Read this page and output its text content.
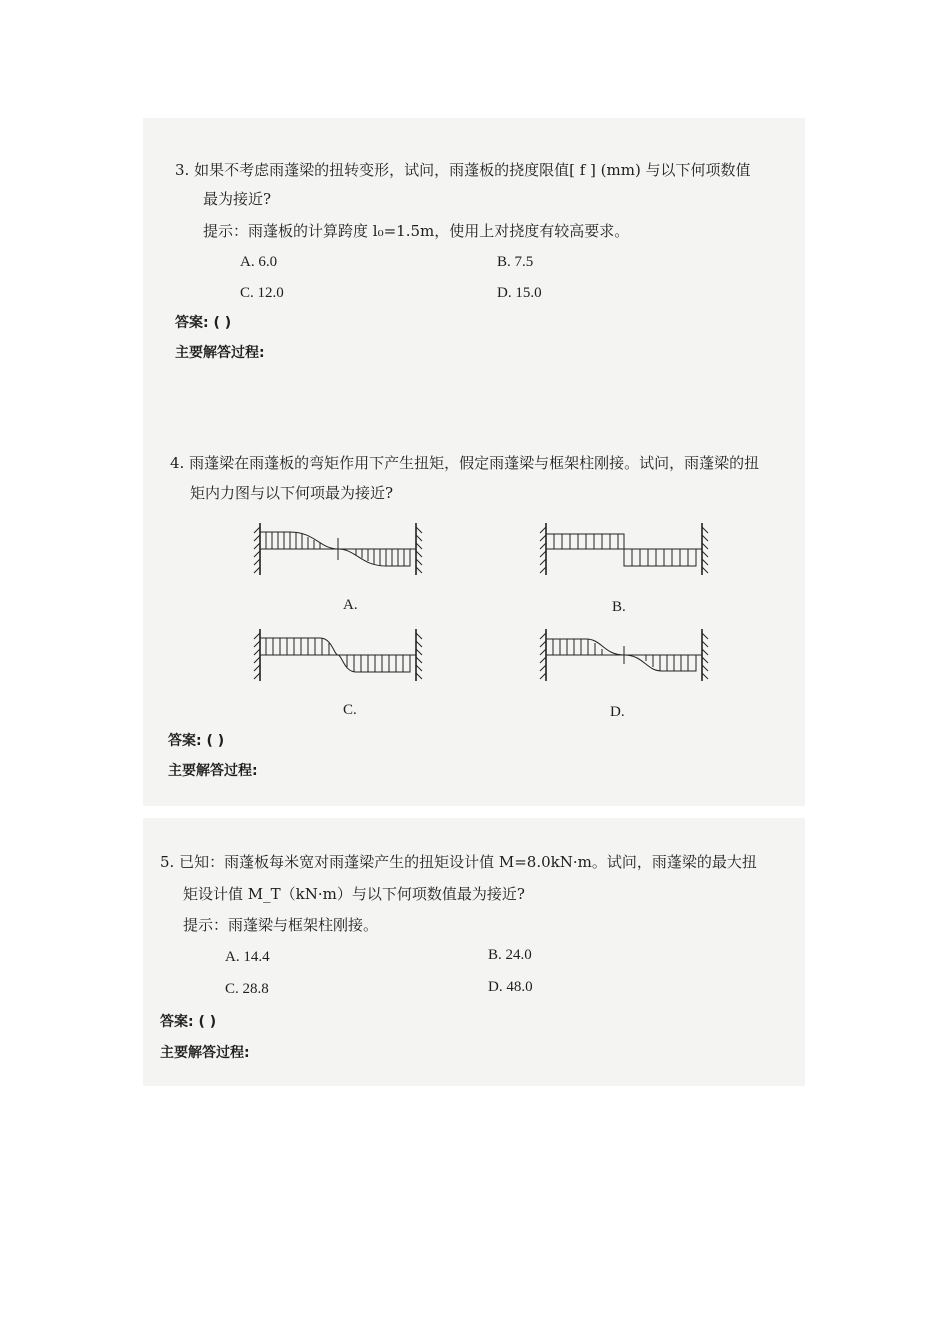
3. 如果不考虑雨蓬梁的扭转变形，试问，雨蓬板的挠度限值[ f ] (mm) 与以下何项数值
最为接近?
提示：雨蓬板的计算跨度 l₀=1.5m，使用上对挠度有较高要求。
A. 6.0	B. 7.5
C. 12.0	D. 15.0
答案: ( )
主要解答过程:
4. 雨蓬梁在雨蓬板的弯矩作用下产生扭矩，假定雨蓬梁与框架柱刚接。试问，雨蓬梁的扭
矩内力图与以下何项最为接近?
A.	B.
C.	D.
答案: ( )
主要解答过程:
5. 已知：雨蓬板每米宽对雨蓬梁产生的扭矩设计值 M=8.0kN·m。试问，雨蓬梁的最大扭
矩设计值 M_T（kN·m）与以下何项数值最为接近?
提示：雨蓬梁与框架柱刚接。
A. 14.4	B. 24.0
C. 28.8	D. 48.0
答案: ( )
主要解答过程:
